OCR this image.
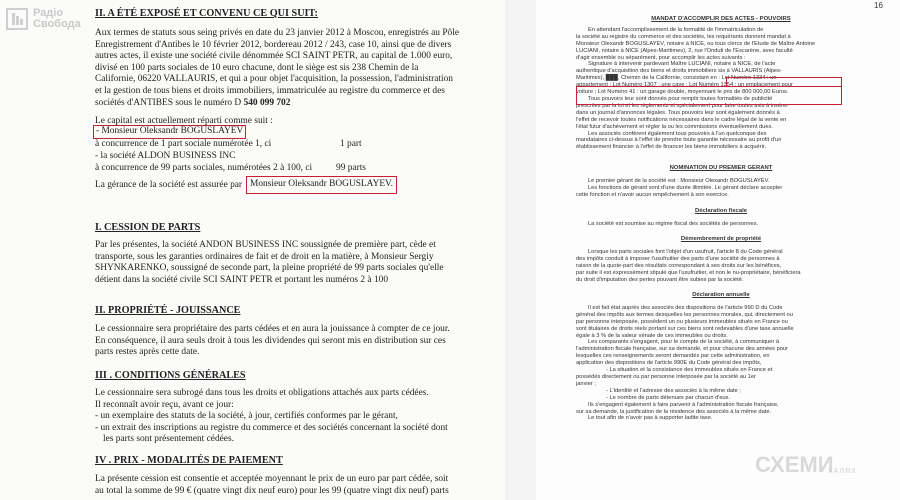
II. A ÉTÉ EXPOSÉ ET CONVENU CE QUI SUIT:
Aux termes de statuts sous seing privés en date du 23 janvier 2012 à Moscou, enregistrés au Pôle
Enregistrement d'Antibes le 10 février 2012, bordereau 2012 / 243, case 10, ainsi que de divers
autres actes, il existe une société civile dénommée SCI SAINT PETR, au capital de 1.000 euro,
divisé en 100 parts sociales de 10 euro chacune, dont le siège est sis 238 Chemin de la
Californie, 06220 VALLAURIS, et qui a pour objet l'acquisition, la possession, l'administration
et la gestion de tous biens et droits immobiliers, immatriculée au registre du commerce et des
sociétés d'ANTIBES sous le numéro D 540 099 702
Le capital est actuellement réparti comme suit :
- Monsieur Oleksandr BOGUSLAYEV
à concurrence de 1 part sociale numérotée 1, ci	1 part
- la société ALDON BUSINESS INC
à concurrence de 99 parts sociales, numérotées 2 à 100, ci	99 parts
La gérance de la société est assurée par Monsieur Oleksandr BOGUSLAYEV.
I. CESSION DE PARTS
Par les présentes, la société ANDON BUSINESS INC soussignée de première part, cède et
transporte, sous les garanties ordinaires de fait et de droit en la matière, à Monsieur Sergiy
SHYNKARENKO, soussigné de seconde part, la pleine propriété de 99 parts sociales qu'elle
détient dans la société civile SCI SAINT PETR et portant les numéros 2 à 100
II. PROPRIÉTÉ - JOUISSANCE
Le cessionnaire sera propriétaire des parts cédées et en aura la jouissance à compter de ce jour.
En conséquence, il aura seuls droit à tous les dividendes qui seront mis en distribution sur ces
parts restes après cette date.
III . CONDITIONS GÉNÉRALES
Le cessionnaire sera subrogé dans tous les droits et obligations attachés aux parts cédées.
Il reconnaît avoir reçu, avant ce jour:
- un exemplaire des statuts de la société, à jour, certifiés conformes par le gérant,
- un extrait des inscriptions au registre du commerce et des sociétés concernant la société dont
les parts sont présentement cédées.
IV . PRIX - MODALITÉS DE PAIEMENT
La présente cession est consentie et acceptée moyennant le prix de un euro par part cédée, soit
au total la somme de 99 € (quatre vingt dix neuf euro) pour les 99 (quatre vingt dix neuf) parts
Радіо
Свобода
16

MANDAT D'ACCOMPLIR DES ACTES - POUVOIRS

En attendant l'accomplissement de la formalité de l'immatriculation de

la société au registre du commerce et des sociétés, les requérants donnent mandat à

Monsieur Olexandr BOGUSLAYEV, notaire à NICE, ou tous clercs de l'Etude de Maître Antoine

LUCIANI, notaire à NICE (Alpes-Maritimes), 2, rue l'Onduti de l'Escarène, avec faculté

d'agir ensemble ou séparément, pour accomplir les actes suivants :

Signature à intervenir pardevant Maître LUCIANI, notaire à NICE, de l'acte

authentique d'acquisition des biens et droits immobiliers sis à VALLAURIS (Alpes-

Maritimes), ███, Chemin de la Californie, consistant en : Lot Numéro 1334 : un

appartement ; Lot Numéro 1307 : une cave ; Lot Numéro 1354 : un emplacement pour

voiture ; Lot Numéro 41 : un garage double, moyennant le prix de 800 000,00 Euros.

Tous pouvoirs leur sont donnés pour remplir toutes formalités de publicité

prescrites par la loi et les règlements et spécialement pour faire toutes avis à insérer

dans un journal d'annonces légales. Tous pouvoirs leur sont également donnés à

l'effet de recevoir toutes notifications nécessaires dans le cadre légal de la vente en

l'état futur d'achèvement et régler la ou les commissions éventuellement dues.

Les associés confèrent également tous pouvoirs à l'un quelconque des

mandataires ci-dessus à l'effet de prendre toute garantie nécessaire au profit d'un

établissement financier à l'effet de financer les biens immobiliers à acquérir.

NOMINATION DU PREMIER GERANT

Le premier gérant de la société est : Monsieur Olexandr BOGUSLAYEV.

Les fonctions de gérant sont d'une durée illimitée. Le gérant déclare accepter

cette fonction et n'avoir aucun empêchement à son exercice.

Déclaration fiscale

La société est soumise au régime fiscal des sociétés de personnes.

Démembrement de propriété

Lorsque les parts sociales font l'objet d'un usufruit, l'article 8 du Code général

des impôts conduit à imposer l'usufruitier des parts d'une société de personnes à

raison de la quote-part des résultats correspondant à ses droits sur les bénéfices,

par suite il est expressément stipulé que l'usufruitier, et non le nu-propriétaire, bénéficiera

du droit d'imputation des pertes pouvant être subies par la société.

Déclaration annuelle

Il est fait état auprès des associés des dispositions de l'article 990 D du Code

général des impôts aux termes desquelles les personnes morales, qui, directement ou

par personne interposée, possèdent un ou plusieurs immeubles situés en France ou

sont titulaires de droits réels portant sur ces biens sont redevables d'une taxe annuelle

égale à 3 % de la valeur vénale de ces immeubles ou droits.

Les comparants s'engagent, pour le compte de la société, à communiquer à

l'administration fiscale française, sur sa demande, et pour chacune des années pour

lesquelles ces renseignements seront demandés par cette administration, en

application des dispositions de l'article 990E du Code général des impôts,

- La situation et la consistance des immeubles situés en France et

possédés directement ou par personne interposée par la société au 1er

janvier ;

- L'identité et l'adresse des associés à la même date ;

- Le nombre de parts détenues par chacun d'eux.

Ils s'engagent également à faire parvenir à l'administration fiscale française,

sur sa demande, la justification de la résidence des associés à la même date.

Le tout afin de n'avoir pas à supporter ladite taxe.

СХЕМИ
ХАЛЯХ
